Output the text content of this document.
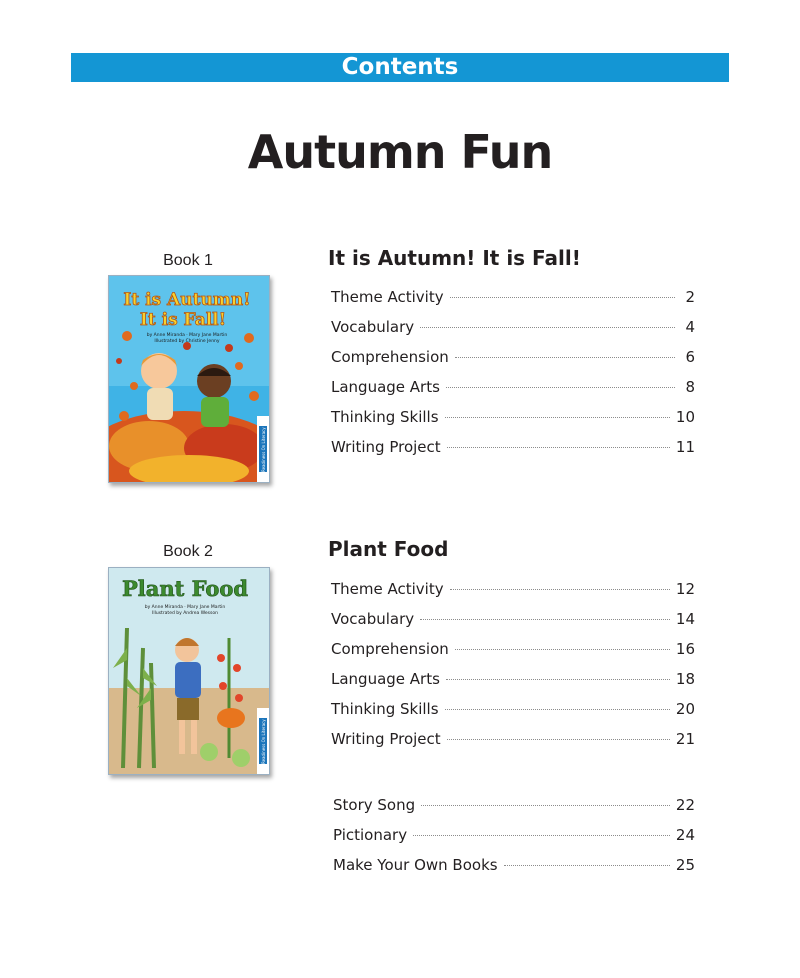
Contents
Autumn Fun
Book 1
It is Autumn!
It is Fall!
by Anne Miranda · Mary Jane Martin
Illustrated by Christine Jenny
Readiness On Literacy
It is Autumn! It is Fall!
Theme Activity	2
Vocabulary	4
Comprehension	6
Language Arts	8
Thinking Skills	10
Writing Project	11
Book 2
Plant Food
by Anne Miranda · Mary Jane Martin
Illustrated by Andrea Wesson
Readiness On Literacy
Plant Food
Theme Activity	12
Vocabulary	14
Comprehension	16
Language Arts	18
Thinking Skills	20
Writing Project	21
Story Song	22
Pictionary	24
Make Your Own Books	25
